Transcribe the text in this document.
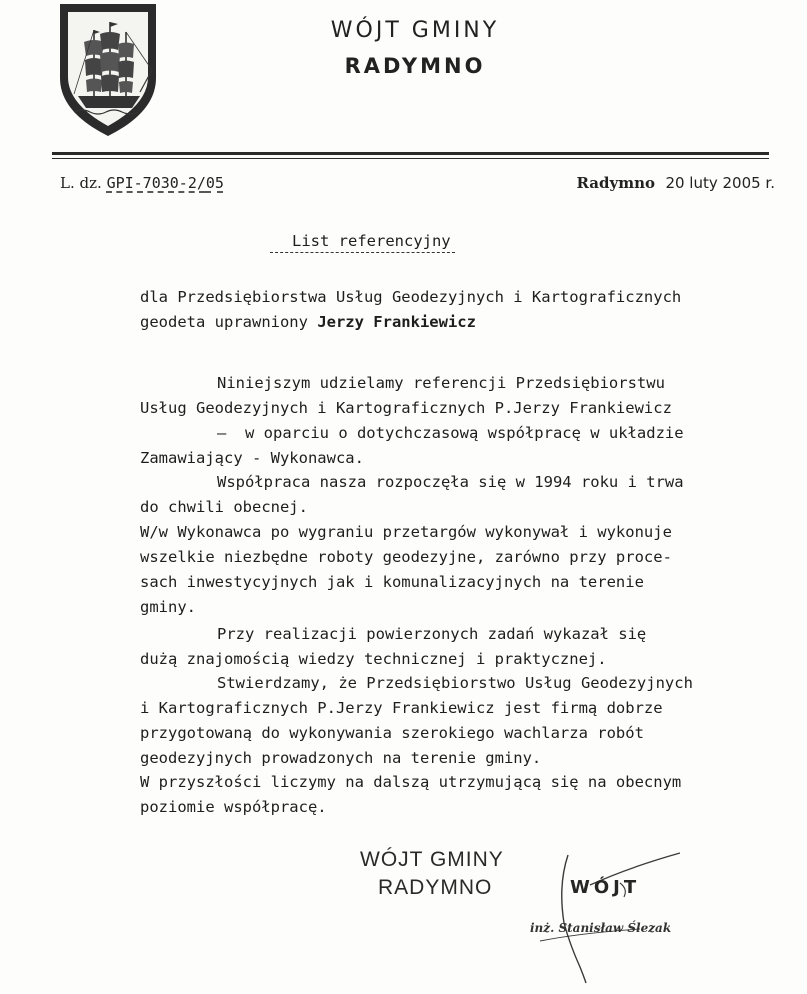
WÓJT GMINY
RADYMNO
L. dz. GPI-7030-2/05	Radymno 20 luty 2005 r.
List referencyjny
dla Przedsiębiorstwa Usług Geodezyjnych i Kartograficznych
geodeta uprawniony Jerzy Frankiewicz
Niniejszym udzielamy referencji Przedsiębiorstwu
Usług Geodezyjnych i Kartograficznych P.Jerzy Frankiewicz
–  w oparciu o dotychczasową współpracę w układzie
Zamawiający - Wykonawca.
Współpraca nasza rozpoczęła się w 1994 roku i trwa
do chwili obecnej.
W/w Wykonawca po wygraniu przetargów wykonywał i wykonuje
wszelkie niezbędne roboty geodezyjne, zarówno przy proce-
sach inwestycyjnych jak i komunalizacyjnych na terenie
gminy.
Przy realizacji powierzonych zadań wykazał się
dużą znajomością wiedzy technicznej i praktycznej.
Stwierdzamy, że Przedsiębiorstwo Usług Geodezyjnych
i Kartograficznych P.Jerzy Frankiewicz jest firmą dobrze
przygotowaną do wykonywania szerokiego wachlarza robót
geodezyjnych prowadzonych na terenie gminy.
W przyszłości liczymy na dalszą utrzymującą się na obecnym
poziomie współpracę.
WÓJT GMINY
RADYMNO	WÓJT
inż. Stanisław Ślezak
